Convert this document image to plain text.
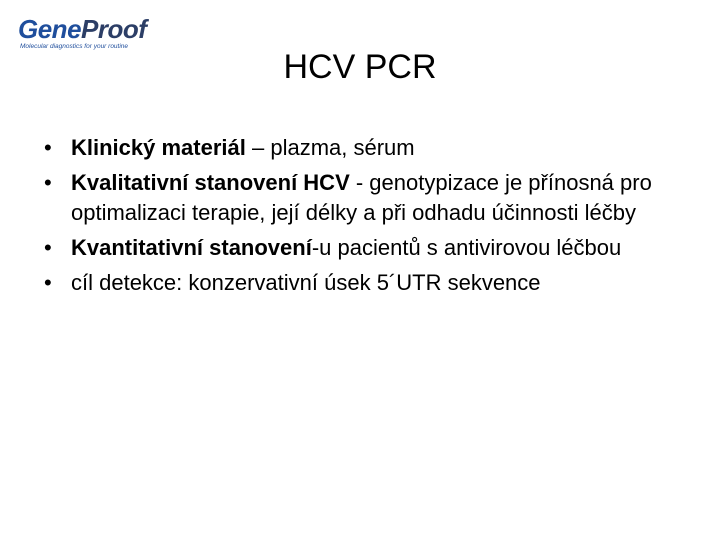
GeneProof
Molecular diagnostics for your routine
HCV PCR
• Klinický materiál – plazma, sérum
• Kvalitativní stanovení HCV - genotypizace je přínosná pro optimalizaci terapie, její délky a při odhadu účinnosti léčby
• Kvantitativní stanovení-u pacientů s antivirovou léčbou
• cíl detekce: konzervativní úsek 5´UTR sekvence
